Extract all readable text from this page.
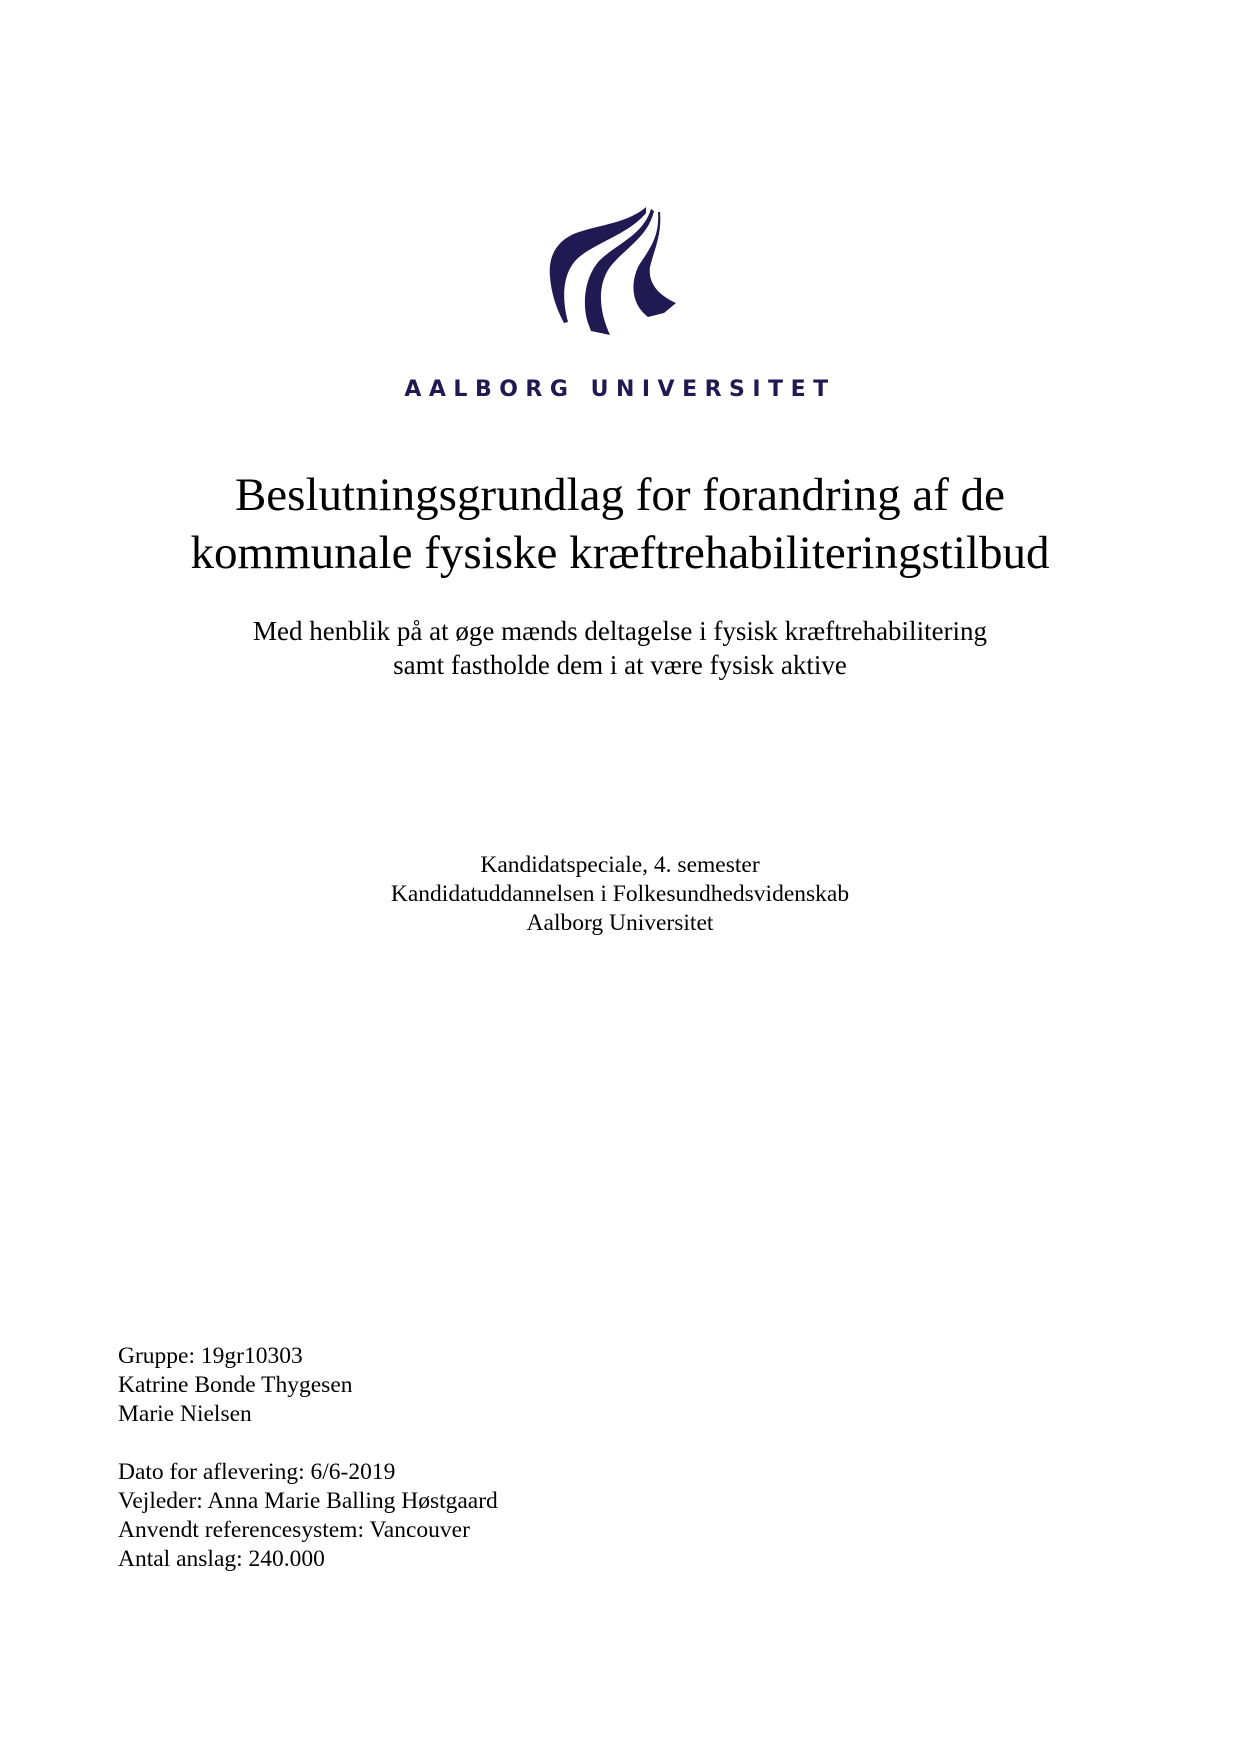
AALBORG UNIVERSITET
Beslutningsgrundlag for forandring af de
kommunale fysiske kræftrehabiliteringstilbud
Med henblik på at øge mænds deltagelse i fysisk kræftrehabilitering
samt fastholde dem i at være fysisk aktive
Kandidatspeciale, 4. semester
Kandidatuddannelsen i Folkesundhedsvidenskab
Aalborg Universitet
Gruppe: 19gr10303
Katrine Bonde Thygesen
Marie Nielsen
Dato for aflevering: 6/6-2019
Vejleder: Anna Marie Balling Høstgaard
Anvendt referencesystem: Vancouver
Antal anslag: 240.000
